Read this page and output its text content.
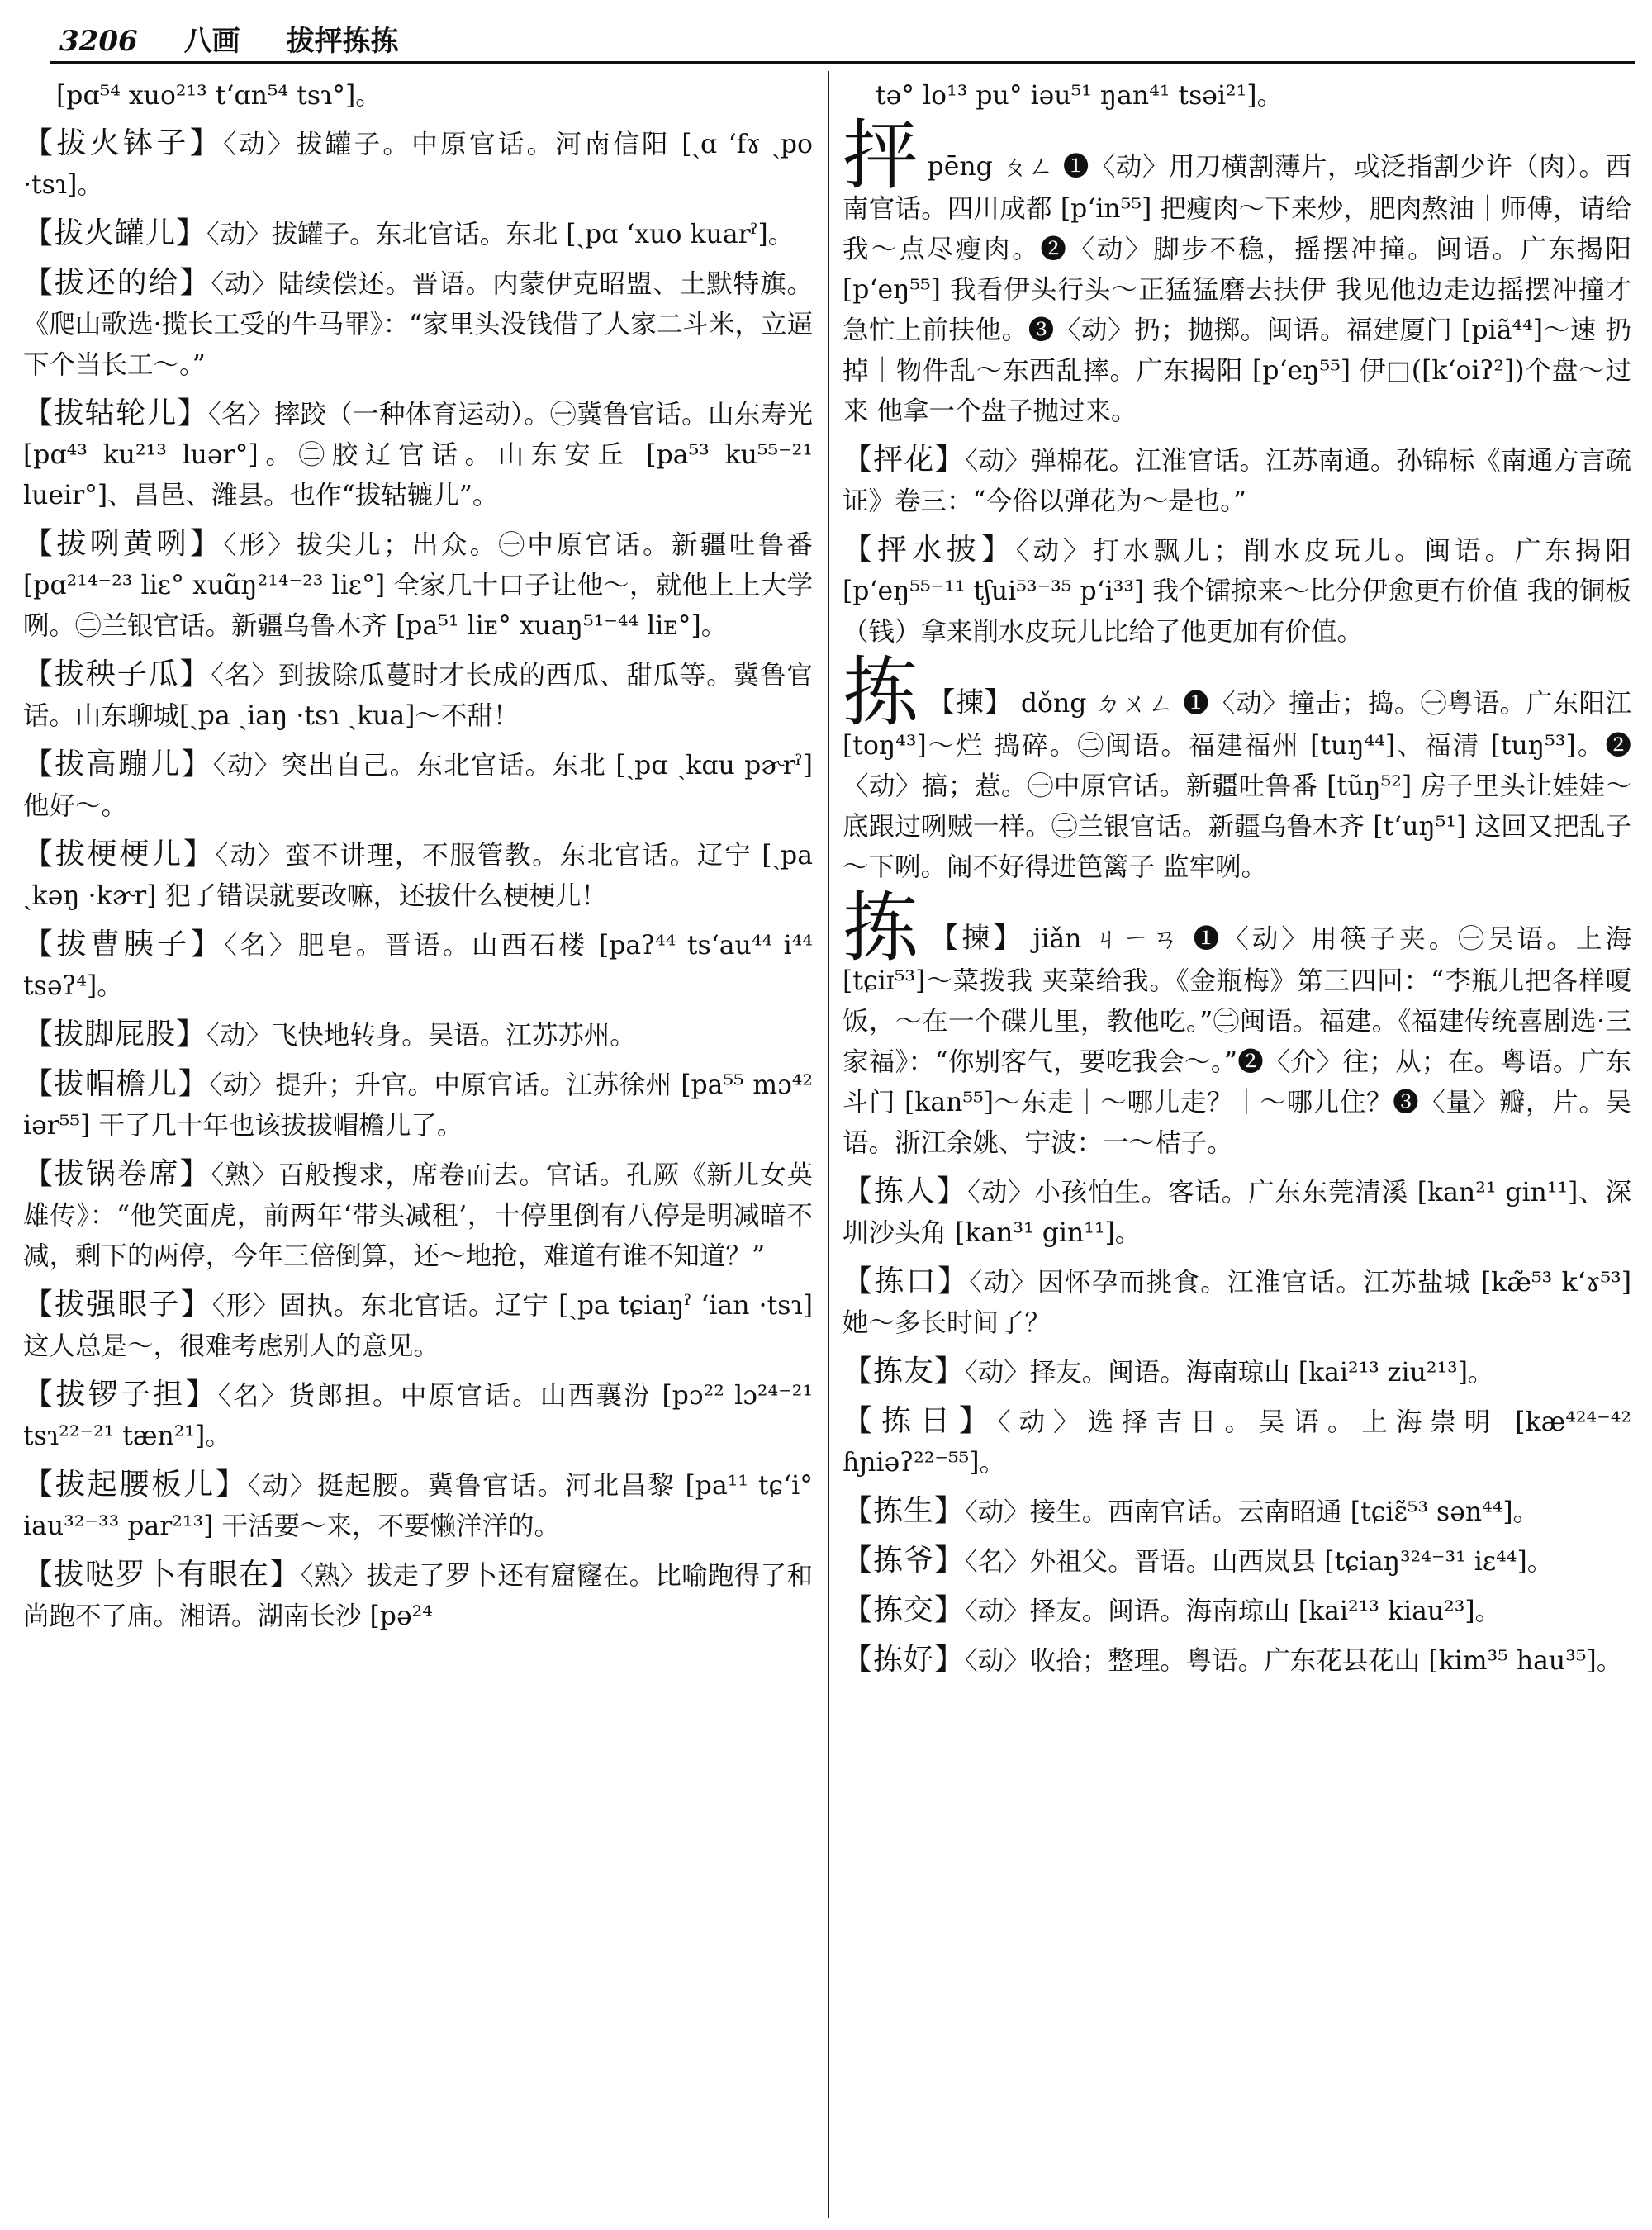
3206 八画 拔抨拣拣
[pɑ⁵⁴ xuo²¹³ tʻɑn⁵⁴ tsɿ°]。
【拔火钵子】〈动〉拔罐子。中原官话。河南信阳 [ˏɑ ʻfɤ ˏpo ·tsɿ]。
【拔火罐儿】〈动〉拔罐子。东北官话。东北 [ˏpɑ ʻxuo kuarˀ]。
【拔还的给】〈动〉陆续偿还。晋语。内蒙伊克昭盟、土默特旗。《爬山歌选·揽长工受的牛马罪》：“家里头没钱借了人家二斗米，立逼下个当长工～。”
【拔轱轮儿】〈名〉摔跤（一种体育运动）。㊀冀鲁官话。山东寿光 [pɑ⁴³ ku²¹³ luər°]。㊁胶辽官话。山东安丘 [pa⁵³ ku⁵⁵⁻²¹ lueir°]、昌邑、潍县。也作“拔轱辘儿”。
【拔咧黄咧】〈形〉拔尖儿；出众。㊀中原官话。新疆吐鲁番 [pɑ²¹⁴⁻²³ liɛ° xuɑ̃ŋ²¹⁴⁻²³ liɛ°] 全家几十口子让他～，就他上上大学咧。㊁兰银官话。新疆乌鲁木齐 [pa⁵¹ liᴇ° xuaŋ⁵¹⁻⁴⁴ liᴇ°]。
【拔秧子瓜】〈名〉到拔除瓜蔓时才长成的西瓜、甜瓜等。冀鲁官话。山东聊城[ˏpa ˏiaŋ ·tsɿ ˏkua]～不甜！
【拔高蹦儿】〈动〉突出自己。东北官话。东北 [ˏpɑ ˏkɑu pɚrˀ] 他好～。
【拔梗梗儿】〈动〉蛮不讲理，不服管教。东北官话。辽宁 [ˏpa ˏkəŋ ·kɚr] 犯了错误就要改嘛，还拔什么梗梗儿！
【拔曹胰子】〈名〉肥皂。晋语。山西石楼 [paʔ⁴⁴ tsʻau⁴⁴ i⁴⁴ tsəʔ⁴]。
【拔脚屁股】〈动〉飞快地转身。吴语。江苏苏州。
【拔帽檐儿】〈动〉提升；升官。中原官话。江苏徐州 [pa⁵⁵ mɔ⁴² iər⁵⁵] 干了几十年也该拔拔帽檐儿了。
【拔锅卷席】〈熟〉百般搜求，席卷而去。官话。孔厥《新儿女英雄传》：“他笑面虎，前两年‘带头减租’，十停里倒有八停是明减暗不减，剩下的两停，今年三倍倒算，还～地抢，难道有谁不知道？”
【拔强眼子】〈形〉固执。东北官话。辽宁 [ˏpa tɕiaŋˀ ʻian ·tsɿ] 这人总是～，很难考虑别人的意见。
【拔锣子担】〈名〉货郎担。中原官话。山西襄汾 [pɔ²² lɔ²⁴⁻²¹ tsɿ²²⁻²¹ tæn²¹]。
【拔起腰板儿】〈动〉挺起腰。冀鲁官话。河北昌黎 [pa¹¹ tɕʻi° iau³²⁻³³ par²¹³] 干活要～来，不要懒洋洋的。
【拔哒罗卜有眼在】〈熟〉拔走了罗卜还有窟窿在。比喻跑得了和尚跑不了庙。湘语。湖南长沙 [pə²⁴
tə° lo¹³ pu° iəu⁵¹ ŋan⁴¹ tsəi²¹]。
抨pēng ㄆㄥ ❶〈动〉用刀横割薄片，或泛指割少许（肉）。西南官话。四川成都 [pʻin⁵⁵] 把瘦肉～下来炒，肥肉熬油｜师傅，请给我～点尽瘦肉。❷〈动〉脚步不稳，摇摆冲撞。闽语。广东揭阳 [pʻeŋ⁵⁵] 我看伊头行头～正猛猛磨去扶伊 我见他边走边摇摆冲撞才急忙上前扶他。❸〈动〉扔；抛掷。闽语。福建厦门 [piã⁴⁴]～速 扔掉｜物件乱～东西乱摔。广东揭阳 [pʻeŋ⁵⁵] 伊□([kʻoiʔ²])个盘～过来 他拿一个盘子抛过来。
【抨花】〈动〉弹棉花。江淮官话。江苏南通。孙锦标《南通方言疏证》卷三：“今俗以弹花为～是也。”
【抨水披】〈动〉打水飘儿；削水皮玩儿。闽语。广东揭阳 [pʻeŋ⁵⁵⁻¹¹ tʃui⁵³⁻³⁵ pʻi³³] 我个镭掠来～比分伊愈更有价值 我的铜板（钱）拿来削水皮玩儿比给了他更加有价值。
拣 【揀】 dǒng ㄉㄨㄥ ❶〈动〉撞击；捣。㊀粤语。广东阳江 [toŋ⁴³]～烂 捣碎。㊁闽语。福建福州 [tuŋ⁴⁴]、福清 [tuŋ⁵³]。❷〈动〉搞；惹。㊀中原官话。新疆吐鲁番 [tũŋ⁵²] 房子里头让娃娃～底跟过咧贼一样。㊁兰银官话。新疆乌鲁木齐 [tʻuŋ⁵¹] 这回又把乱子～下咧。闹不好得进笆篱子 监牢咧。
拣 【揀】 jiǎn ㄐㄧㄢ ❶〈动〉用筷子夹。㊀吴语。上海 [tɕiɪ⁵³]～菜拨我 夹菜给我。《金瓶梅》第三四回：“李瓶儿把各样嗄饭，～在一个碟儿里，教他吃。”㊁闽语。福建。《福建传统喜剧选·三家福》：“你别客气，要吃我会～。”❷〈介〉往；从；在。粤语。广东斗门 [kan⁵⁵]～东走｜～哪儿走？｜～哪儿住？❸〈量〉瓣，片。吴语。浙江余姚、宁波：一～桔子。
【拣人】〈动〉小孩怕生。客话。广东东莞清溪 [kan²¹ gin¹¹]、深圳沙头角 [kan³¹ gin¹¹]。
【拣口】〈动〉因怀孕而挑食。江淮官话。江苏盐城 [kæ̃⁵³ kʻɤ⁵³] 她～多长时间了？
【拣友】〈动〉择友。闽语。海南琼山 [kai²¹³ ziu²¹³]。
【拣日】〈动〉选择吉日。吴语。上海崇明 [kæ⁴²⁴⁻⁴² ɦɲiəʔ²²⁻⁵⁵]。
【拣生】〈动〉接生。西南官话。云南昭通 [tɕiɛ̃⁵³ sən⁴⁴]。
【拣爷】〈名〉外祖父。晋语。山西岚县 [tɕiaŋ³²⁴⁻³¹ iɛ⁴⁴]。
【拣交】〈动〉择友。闽语。海南琼山 [kai²¹³ kiau²³]。
【拣好】〈动〉收拾；整理。粤语。广东花县花山 [kim³⁵ hau³⁵]。
